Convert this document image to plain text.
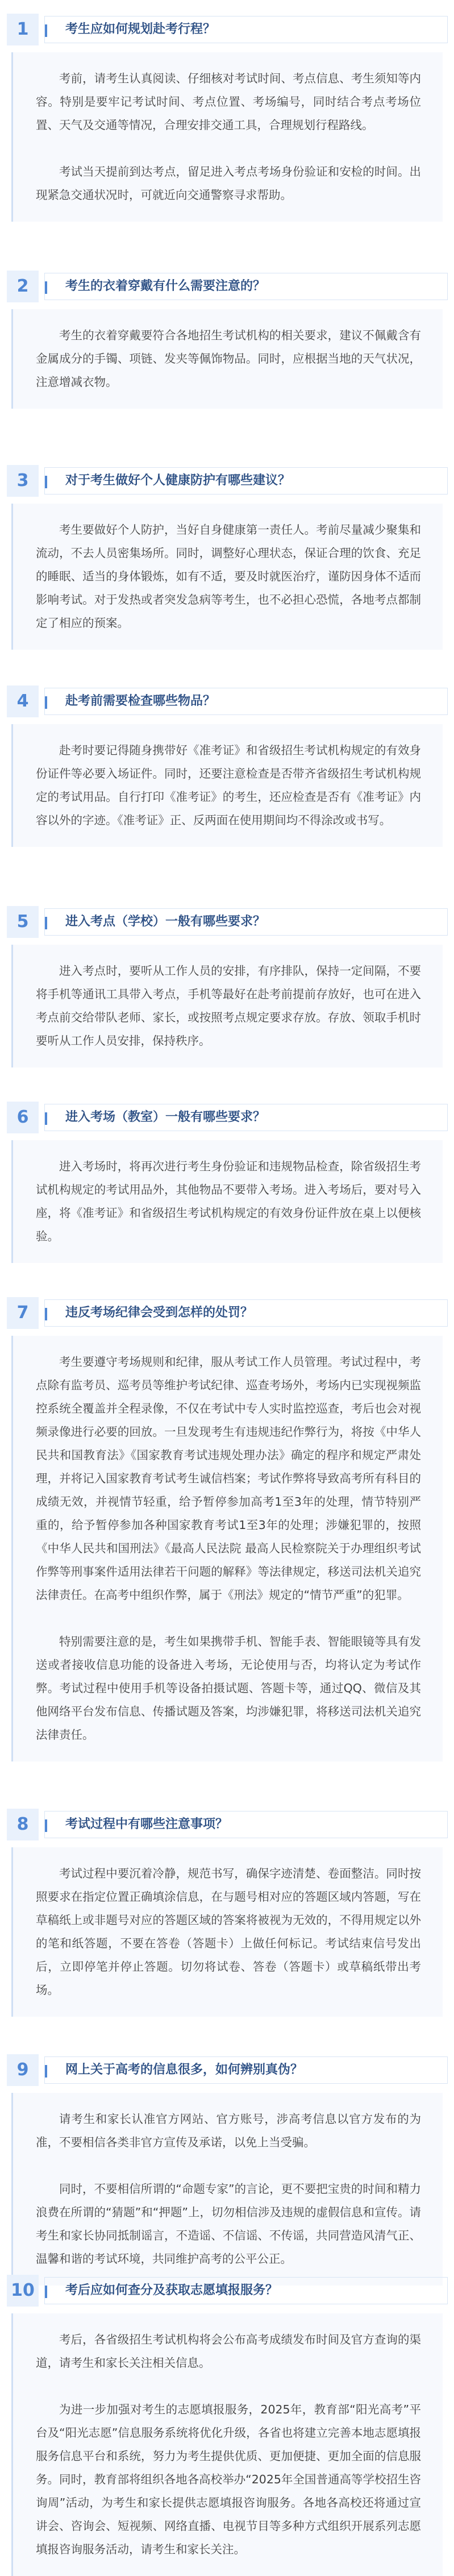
1	考生应如何规划赴考行程？

考前，请考生认真阅读、仔细核对考试时间、考点信息、考生须知等内容。特别是要牢记考试时间、考点位置、考场编号，同时结合考点考场位置、天气及交通等情况，合理安排交通工具，合理规划行程路线。

考试当天提前到达考点，留足进入考点考场身份验证和安检的时间。出现紧急交通状况时，可就近向交通警察寻求帮助。

2	考生的衣着穿戴有什么需要注意的？

考生的衣着穿戴要符合各地招生考试机构的相关要求，建议不佩戴含有金属成分的手镯、项链、发夹等佩饰物品。同时，应根据当地的天气状况，注意增减衣物。

3	对于考生做好个人健康防护有哪些建议？

考生要做好个人防护，当好自身健康第一责任人。考前尽量减少聚集和流动，不去人员密集场所。同时，调整好心理状态，保证合理的饮食、充足的睡眠、适当的身体锻炼，如有不适，要及时就医治疗，谨防因身体不适而影响考试。对于发热或者突发急病等考生，也不必担心恐慌，各地考点都制定了相应的预案。

4	赴考前需要检查哪些物品？

赴考时要记得随身携带好《准考证》和省级招生考试机构规定的有效身份证件等必要入场证件。同时，还要注意检查是否带齐省级招生考试机构规定的考试用品。自行打印《准考证》的考生，还应检查是否有《准考证》内容以外的字迹。《准考证》正、反两面在使用期间均不得涂改或书写。

5	进入考点（学校）一般有哪些要求？

进入考点时，要听从工作人员的安排，有序排队，保持一定间隔，不要将手机等通讯工具带入考点，手机等最好在赴考前提前存放好，也可在进入考点前交给带队老师、家长，或按照考点规定要求存放。存放、领取手机时要听从工作人员安排，保持秩序。

6	进入考场（教室）一般有哪些要求？

进入考场时，将再次进行考生身份验证和违规物品检查，除省级招生考试机构规定的考试用品外，其他物品不要带入考场。进入考场后，要对号入座，将《准考证》和省级招生考试机构规定的有效身份证件放在桌上以便核验。

7	违反考场纪律会受到怎样的处罚？

考生要遵守考场规则和纪律，服从考试工作人员管理。考试过程中，考点除有监考员、巡考员等维护考试纪律、巡查考场外，考场内已实现视频监控系统全覆盖并全程录像，不仅在考试中专人实时监控巡查，考后也会对视频录像进行必要的回放。一旦发现考生有违规违纪作弊行为，将按《中华人民共和国教育法》《国家教育考试违规处理办法》确定的程序和规定严肃处理，并将记入国家教育考试考生诚信档案；考试作弊将导致高考所有科目的成绩无效，并视情节轻重，给予暂停参加高考1至3年的处理，情节特别严重的，给予暂停参加各种国家教育考试1至3年的处理；涉嫌犯罪的，按照《中华人民共和国刑法》《最高人民法院 最高人民检察院关于办理组织考试作弊等刑事案件适用法律若干问题的解释》等法律规定，移送司法机关追究法律责任。在高考中组织作弊，属于《刑法》规定的“情节严重”的犯罪。

特别需要注意的是，考生如果携带手机、智能手表、智能眼镜等具有发送或者接收信息功能的设备进入考场，无论使用与否，均将认定为考试作弊。考试过程中使用手机等设备拍摄试题、答题卡等，通过QQ、微信及其他网络平台发布信息、传播试题及答案，均涉嫌犯罪，将移送司法机关追究法律责任。

8	考试过程中有哪些注意事项？

考试过程中要沉着冷静，规范书写，确保字迹清楚、卷面整洁。同时按照要求在指定位置正确填涂信息，在与题号相对应的答题区域内答题，写在草稿纸上或非题号对应的答题区域的答案将被视为无效的，不得用规定以外的笔和纸答题，不要在答卷（答题卡）上做任何标记。考试结束信号发出后，立即停笔并停止答题。切勿将试卷、答卷（答题卡）或草稿纸带出考场。

9	网上关于高考的信息很多，如何辨别真伪？

请考生和家长认准官方网站、官方账号，涉高考信息以官方发布的为准，不要相信各类非官方宣传及承诺，以免上当受骗。

同时，不要相信所谓的“命题专家”的言论，更不要把宝贵的时间和精力浪费在所谓的“猜题”和“押题”上，切勿相信涉及违规的虚假信息和宣传。请考生和家长协同抵制谣言，不造谣、不信谣、不传谣，共同营造风清气正、温馨和谐的考试环境，共同维护高考的公平公正。

10	考后应如何查分及获取志愿填报服务？

考后，各省级招生考试机构将会公布高考成绩发布时间及官方查询的渠道，请考生和家长关注相关信息。

为进一步加强对考生的志愿填报服务，2025年，教育部“阳光高考”平台及“阳光志愿”信息服务系统将优化升级，各省也将建立完善本地志愿填报服务信息平台和系统，努力为考生提供优质、更加便捷、更加全面的信息服务。同时，教育部将组织各地各高校举办“2025年全国普通高等学校招生咨询周”活动，为考生和家长提供志愿填报咨询服务。各地各高校还将通过宣讲会、咨询会、短视频、网络直播、电视节目等多种方式组织开展系列志愿填报咨询服务活动，请考生和家长关注。
